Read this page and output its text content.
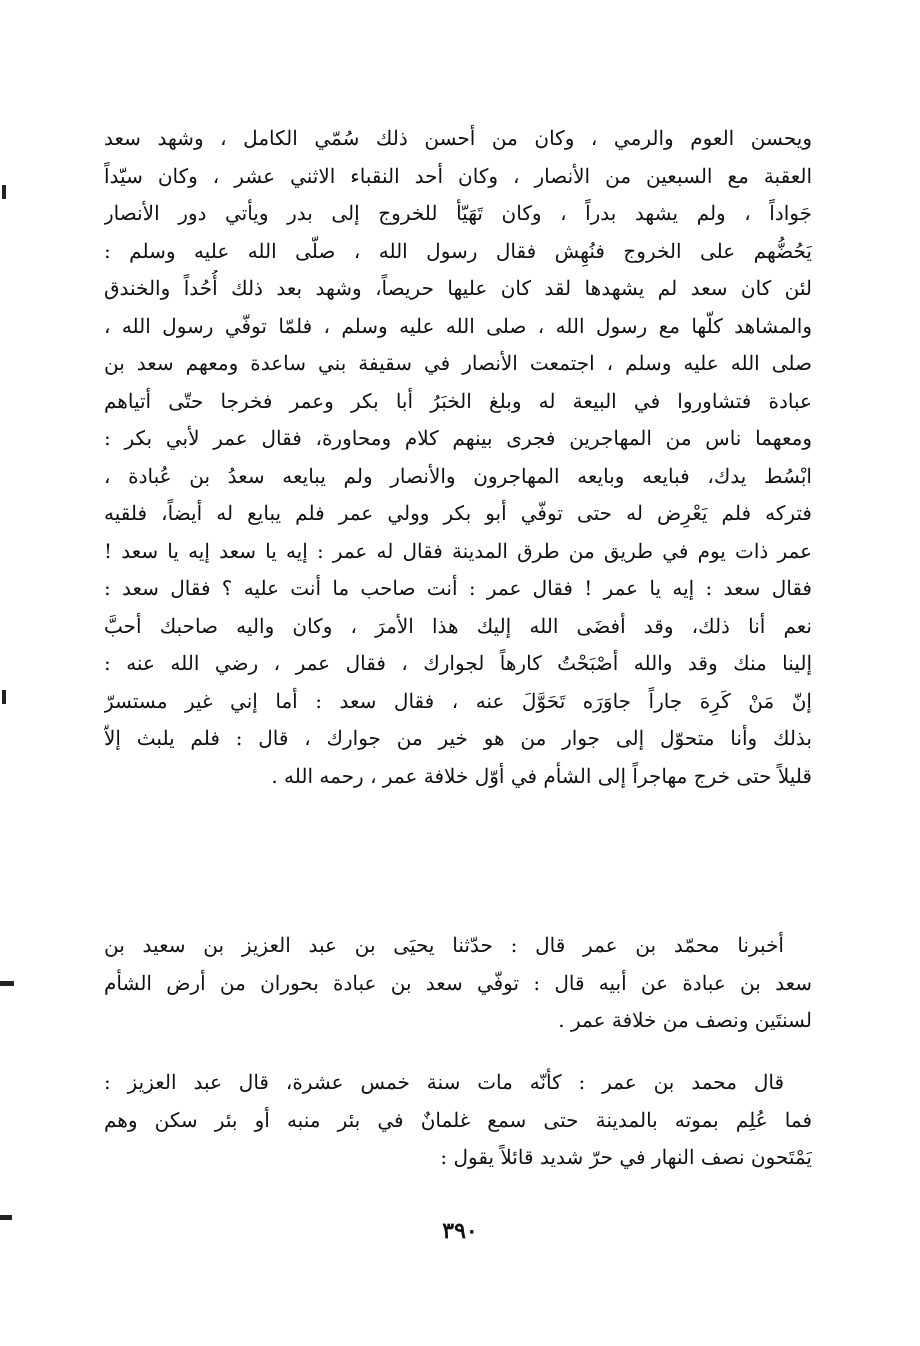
ويحسن العوم والرمي ، وكان من أحسن ذلك سُمّي الكامل ، وشهد سعد
العقبة مع السبعين من الأنصار ، وكان أحد النقباء الاثني عشر ، وكان سيّداً
جَواداً ، ولم يشهد بدراً ، وكان تَهَيّأ للخروج إلى بدر ويأتي دور الأنصار
يَحُضُّهم على الخروج فنُهِش فقال رسول الله ، صلّى الله عليه وسلم :
لئن كان سعد لم يشهدها لقد كان عليها حريصاً، وشهد بعد ذلك أُحُداً والخندق
والمشاهد كلّها مع رسول الله ، صلى الله عليه وسلم ، فلمّا توفّي رسول الله ،
صلى الله عليه وسلم ، اجتمعت الأنصار في سقيفة بني ساعدة ومعهم سعد بن
عبادة فتشاوروا في البيعة له وبلغ الخبَرُ أبا بكر وعمر فخرجا حتّى أتياهم
ومعهما ناس من المهاجرين فجرى بينهم كلام ومحاورة، فقال عمر لأبي بكر :
ابْسُط يدك، فبايعه وبايعه المهاجرون والأنصار ولم يبايعه سعدُ بن عُبادة ،
فتركه فلم يَعْرِض له حتى توفّي أبو بكر وولي عمر فلم يبايع له أيضاً، فلقيه
عمر ذات يوم في طريق من طرق المدينة فقال له عمر : إيه يا سعد إيه يا سعد !
فقال سعد : إيه يا عمر ! فقال عمر : أنت صاحب ما أنت عليه ؟ فقال سعد :
نعم أنا ذلك، وقد أفضَى الله إليك هذا الأمرَ ، وكان واليه صاحبك أحبَّ
إلينا منك وقد والله أصْبَحْتُ كارهاً لجوارك ، فقال عمر ، رضي الله عنه :
إنّ مَنْ كَرِهَ جاراً جاوَرَه تَحَوَّلَ عنه ، فقال سعد : أما إني غير مستسرّ
بذلك وأنا متحوّل إلى جوار من هو خير من جوارك ، قال : فلم يلبث إلاّ
قليلاً حتى خرج مهاجراً إلى الشأم في أوّل خلافة عمر ، رحمه الله .
أخبرنا محمّد بن عمر قال : حدّثنا يحيَى بن عبد العزيز بن سعيد بن
سعد بن عبادة عن أبيه قال : توفّي سعد بن عبادة بحوران من أرض الشأم
لسنتَين ونصف من خلافة عمر .
قال محمد بن عمر : كأنّه مات سنة خمس عشرة، قال عبد العزيز :
فما عُلِم بموته بالمدينة حتى سمع غلمانٌ في بئر منبه أو بئر سكن وهم
يَمْتَحون نصف النهار في حرّ شديد قائلاً يقول :
٣٩٠
